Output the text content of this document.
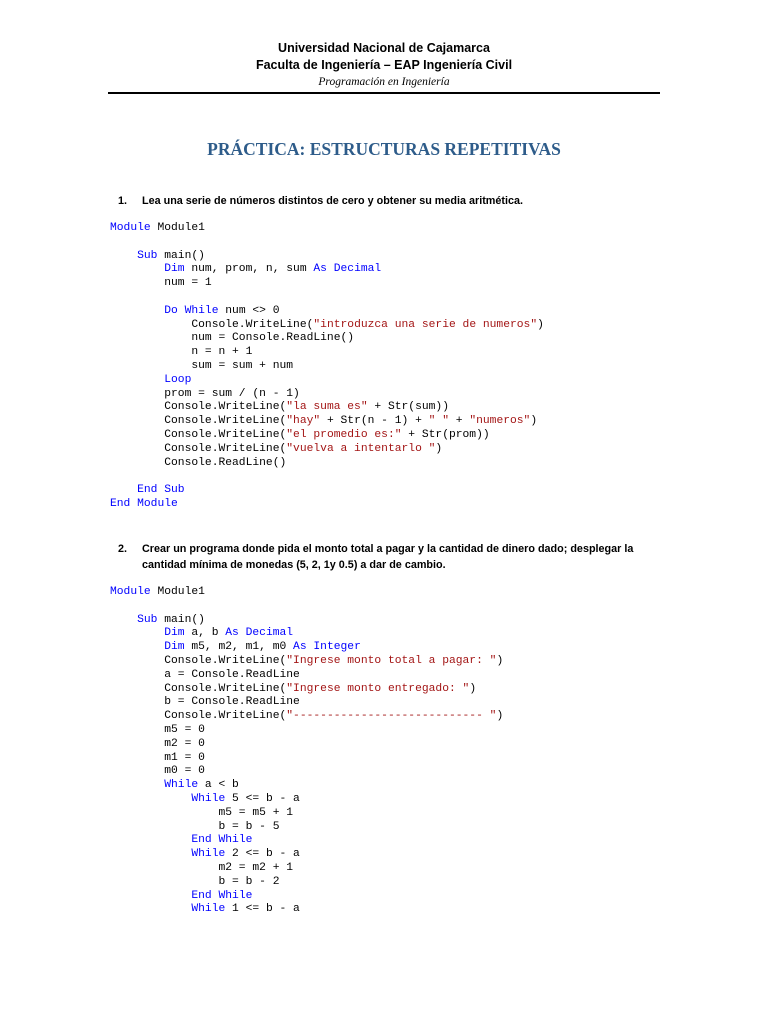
Universidad Nacional de Cajamarca
Faculta de Ingeniería – EAP Ingeniería Civil
Programación en Ingeniería
PRÁCTICA: ESTRUCTURAS REPETITIVAS
1.	Lea una serie de números distintos de cero y obtener su media aritmética.
Module Module1
Sub main()
Dim num, prom, n, sum As Decimal
num = 1
Do While num <> 0
Console.WriteLine("introduzca una serie de numeros")
num = Console.ReadLine()
n = n + 1
sum = sum + num
Loop
prom = sum / (n - 1)
Console.WriteLine("la suma es" + Str(sum))
Console.WriteLine("hay" + Str(n - 1) + " " + "numeros")
Console.WriteLine("el promedio es:" + Str(prom))
Console.WriteLine("vuelva a intentarlo ")
Console.ReadLine()
End Sub
End Module
2.	Crear un programa donde pida el monto total a pagar y la cantidad de dinero dado; desplegar la cantidad mínima de monedas (5, 2, 1y 0.5) a dar de cambio.
Module Module1
Sub main()
Dim a, b As Decimal
Dim m5, m2, m1, m0 As Integer
Console.WriteLine("Ingrese monto total a pagar: ")
a = Console.ReadLine
Console.WriteLine("Ingrese monto entregado: ")
b = Console.ReadLine
Console.WriteLine("---------------------------- ")
m5 = 0
m2 = 0
m1 = 0
m0 = 0
While a < b
While 5 <= b - a
m5 = m5 + 1
b = b - 5
End While
While 2 <= b - a
m2 = m2 + 1
b = b - 2
End While
While 1 <= b - a
